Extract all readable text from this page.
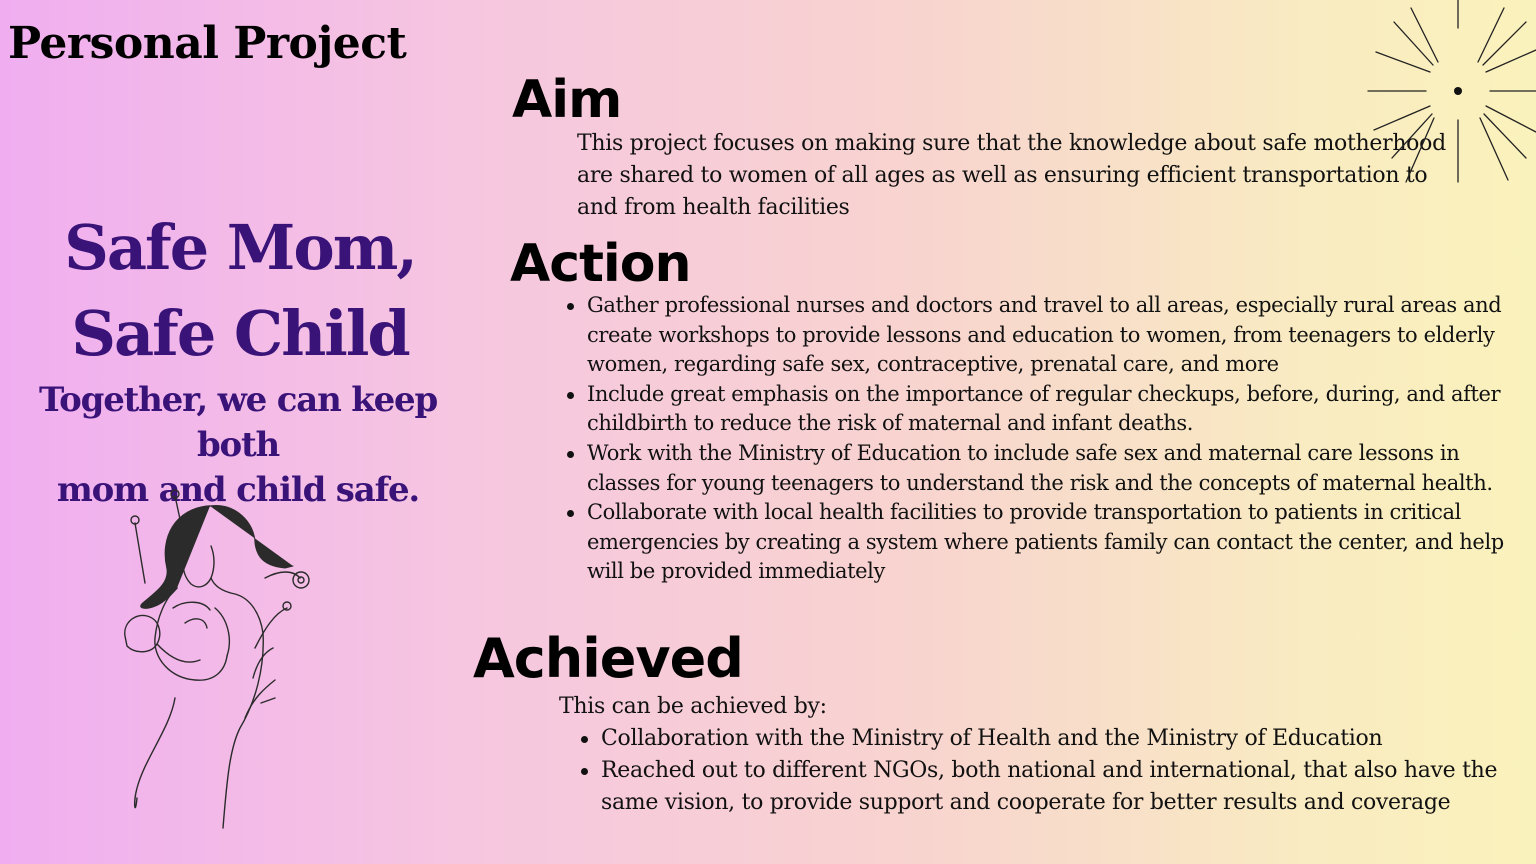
Personal Project
Safe Mom,
Safe Child
Together, we can keep both
mom and child safe.
Aim
This project focuses on making sure that the knowledge about safe motherhood are shared to women of all ages as well as ensuring efficient transportation to and from health facilities
Action
Gather professional nurses and doctors and travel to all areas, especially rural areas and create workshops to provide lessons and education to women, from teenagers to elderly women, regarding safe sex, contraceptive, prenatal care, and more
Include great emphasis on the importance of regular checkups, before, during, and after childbirth to reduce the risk of maternal and infant deaths.
Work with the Ministry of Education to include safe sex and maternal care lessons in classes for young teenagers to understand the risk and the concepts of maternal health.
Collaborate with local health facilities to provide transportation to patients in critical emergencies by creating a system where patients family can contact the center, and help will be provided immediately
Achieved
This can be achieved by:
Collaboration with the Ministry of Health and the Ministry of Education
Reached out to different NGOs, both national and international, that also have the same vision, to provide support and cooperate for better results and coverage
